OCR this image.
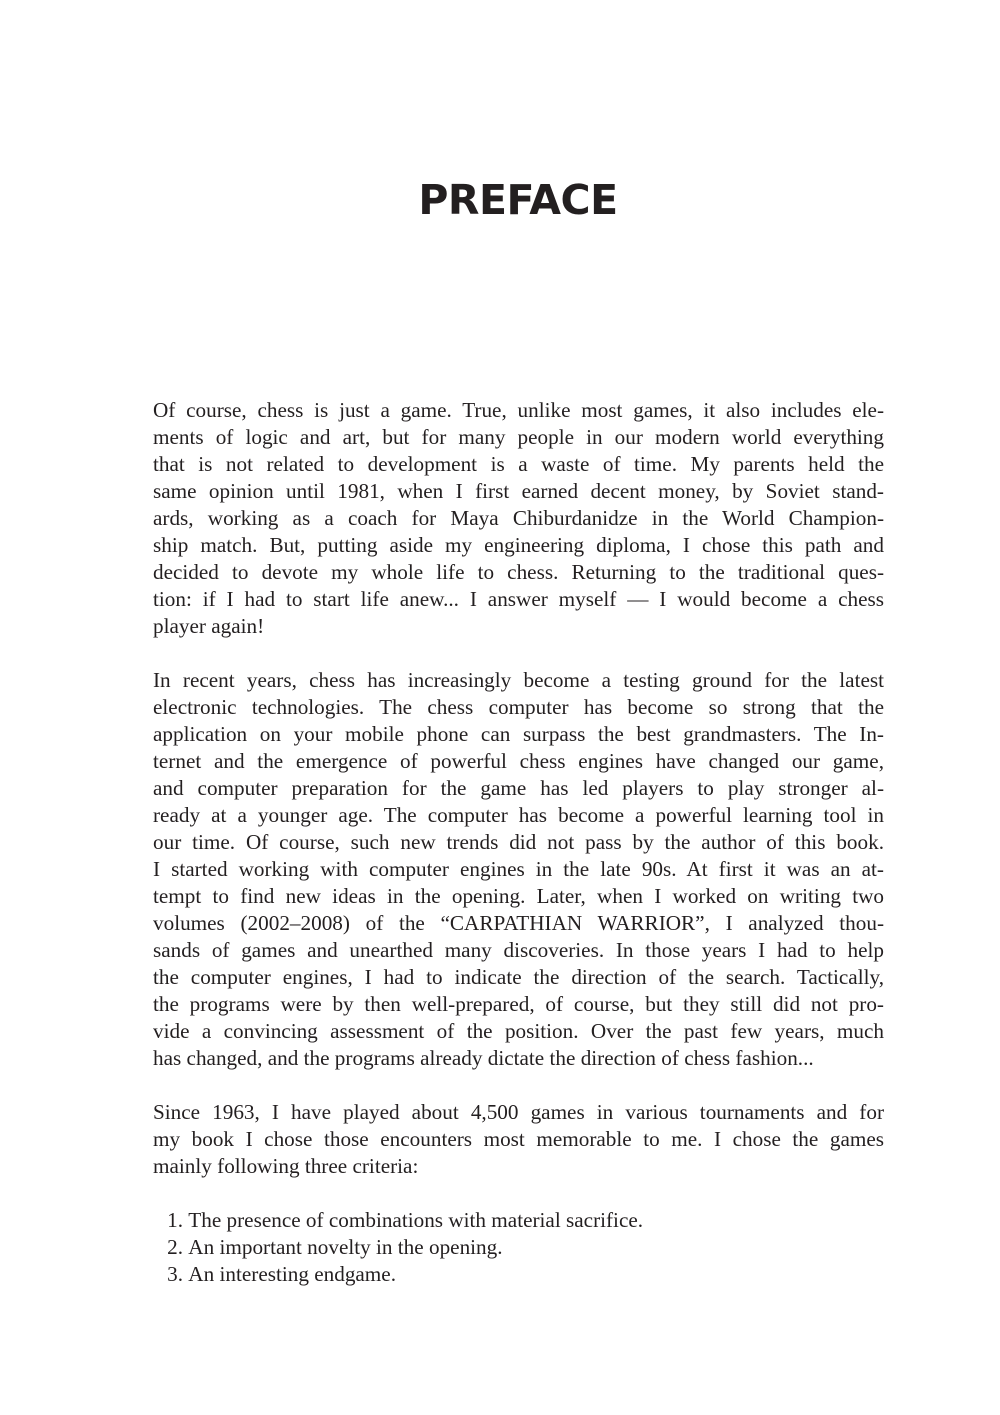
PREFACE

Of course, chess is just a game. True, unlike most games, it also includes ele-
ments of logic and art, but for many people in our modern world everything
that is not related to development is a waste of time. My parents held the
same opinion until 1981, when I first earned decent money, by Soviet stand-
ards, working as a coach for Maya Chiburdanidze in the World Champion-
ship match. But, putting aside my engineering diploma, I chose this path and
decided to devote my whole life to chess. Returning to the traditional ques-
tion: if I had to start life anew... I answer myself — I would become a chess
player again!

In recent years, chess has increasingly become a testing ground for the latest
electronic technologies. The chess computer has become so strong that the
application on your mobile phone can surpass the best grandmasters. The In-
ternet and the emergence of powerful chess engines have changed our game,
and computer preparation for the game has led players to play stronger al-
ready at a younger age. The computer has become a powerful learning tool in
our time. Of course, such new trends did not pass by the author of this book.
I started working with computer engines in the late 90s. At first it was an at-
tempt to find new ideas in the opening. Later, when I worked on writing two
volumes (2002–2008) of the “CARPATHIAN WARRIOR”, I analyzed thou-
sands of games and unearthed many discoveries. In those years I had to help
the computer engines, I had to indicate the direction of the search. Tactically,
the programs were by then well-prepared, of course, but they still did not pro-
vide a convincing assessment of the position. Over the past few years, much
has changed, and the programs already dictate the direction of chess fashion...

Since 1963, I have played about 4,500 games in various tournaments and for
my book I chose those encounters most memorable to me. I chose the games
mainly following three criteria:

1.
The presence of combinations with material sacrifice.
2.
An important novelty in the opening.
3.
An interesting endgame.
